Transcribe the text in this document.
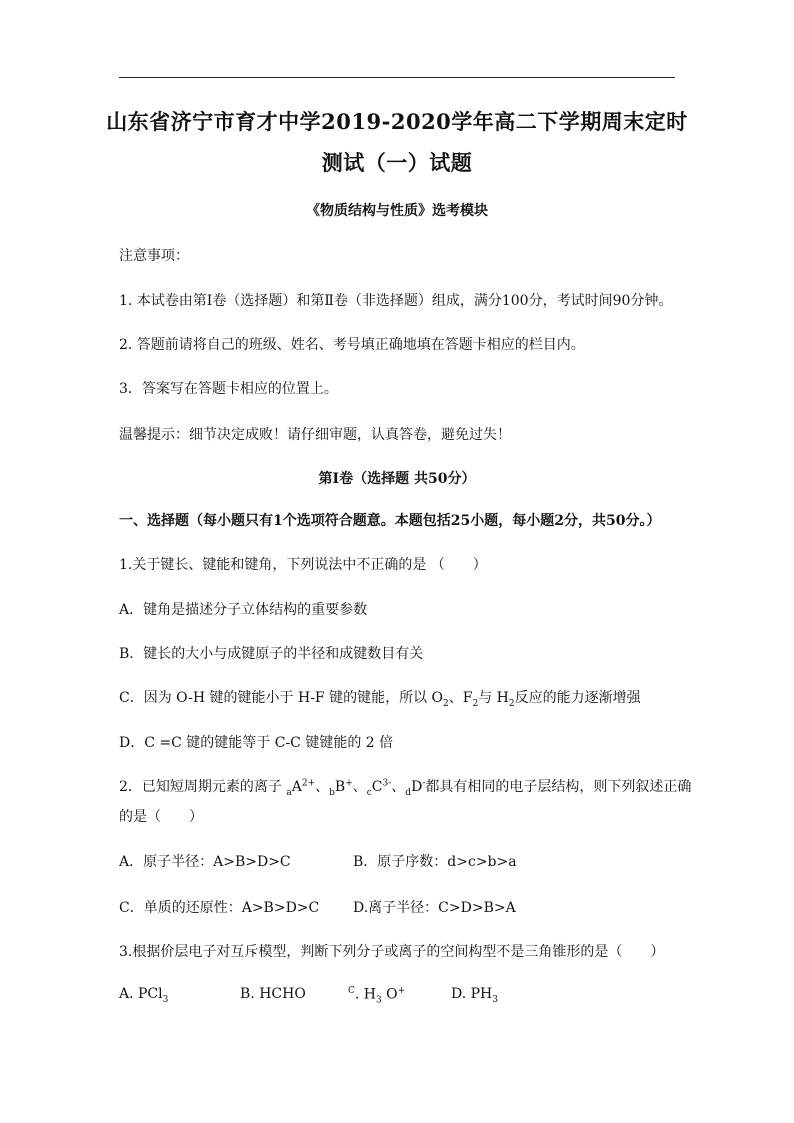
山东省济宁市育才中学2019-2020学年高二下学期周末定时
测试（一）试题
《物质结构与性质》选考模块
注意事项：
1. 本试卷由第Ⅰ卷（选择题）和第Ⅱ卷（非选择题）组成，满分100分，考试时间90分钟。
2. 答题前请将自己的班级、姓名、考号填正确地填在答题卡相应的栏目内。
3．答案写在答题卡相应的位置上。
温馨提示：细节决定成败！请仔细审题，认真答卷，避免过失！
第Ⅰ卷（选择题 共50分）
一、选择题（每小题只有1个选项符合题意。本题包括25小题，每小题2分，共50分。）
1.关于键长、键能和键角，下列说法中不正确的是 （　　）
A．键角是描述分子立体结构的重要参数
B．键长的大小与成键原子的半径和成键数目有关
C．因为 O-H 键的键能小于 H-F 键的键能，所以 $O_2$、$F_2$与 $H_2$反应的能力逐渐增强
D．C =C 键的键能等于 C-C 键键能的 2 倍
2．已知短周期元素的离子 $_aA^{2+}$、$_b$B+、$_cC^{3-}$、$_d$D-都具有相同的电子层结构，则下列叙述正确
的是（　　）
A．原子半径：A>B>D>C	B．原子序数：d>c>b>a
C．单质的还原性：A>B>D>C D.离子半径：C>D>B>A
3.根据价层电子对互斥模型，判断下列分子或离子的空间构型不是三角锥形的是（　　）
A. PCl$_3$	B. HCHO	$^C$. $H_3$ O+	D. $PH_3$
